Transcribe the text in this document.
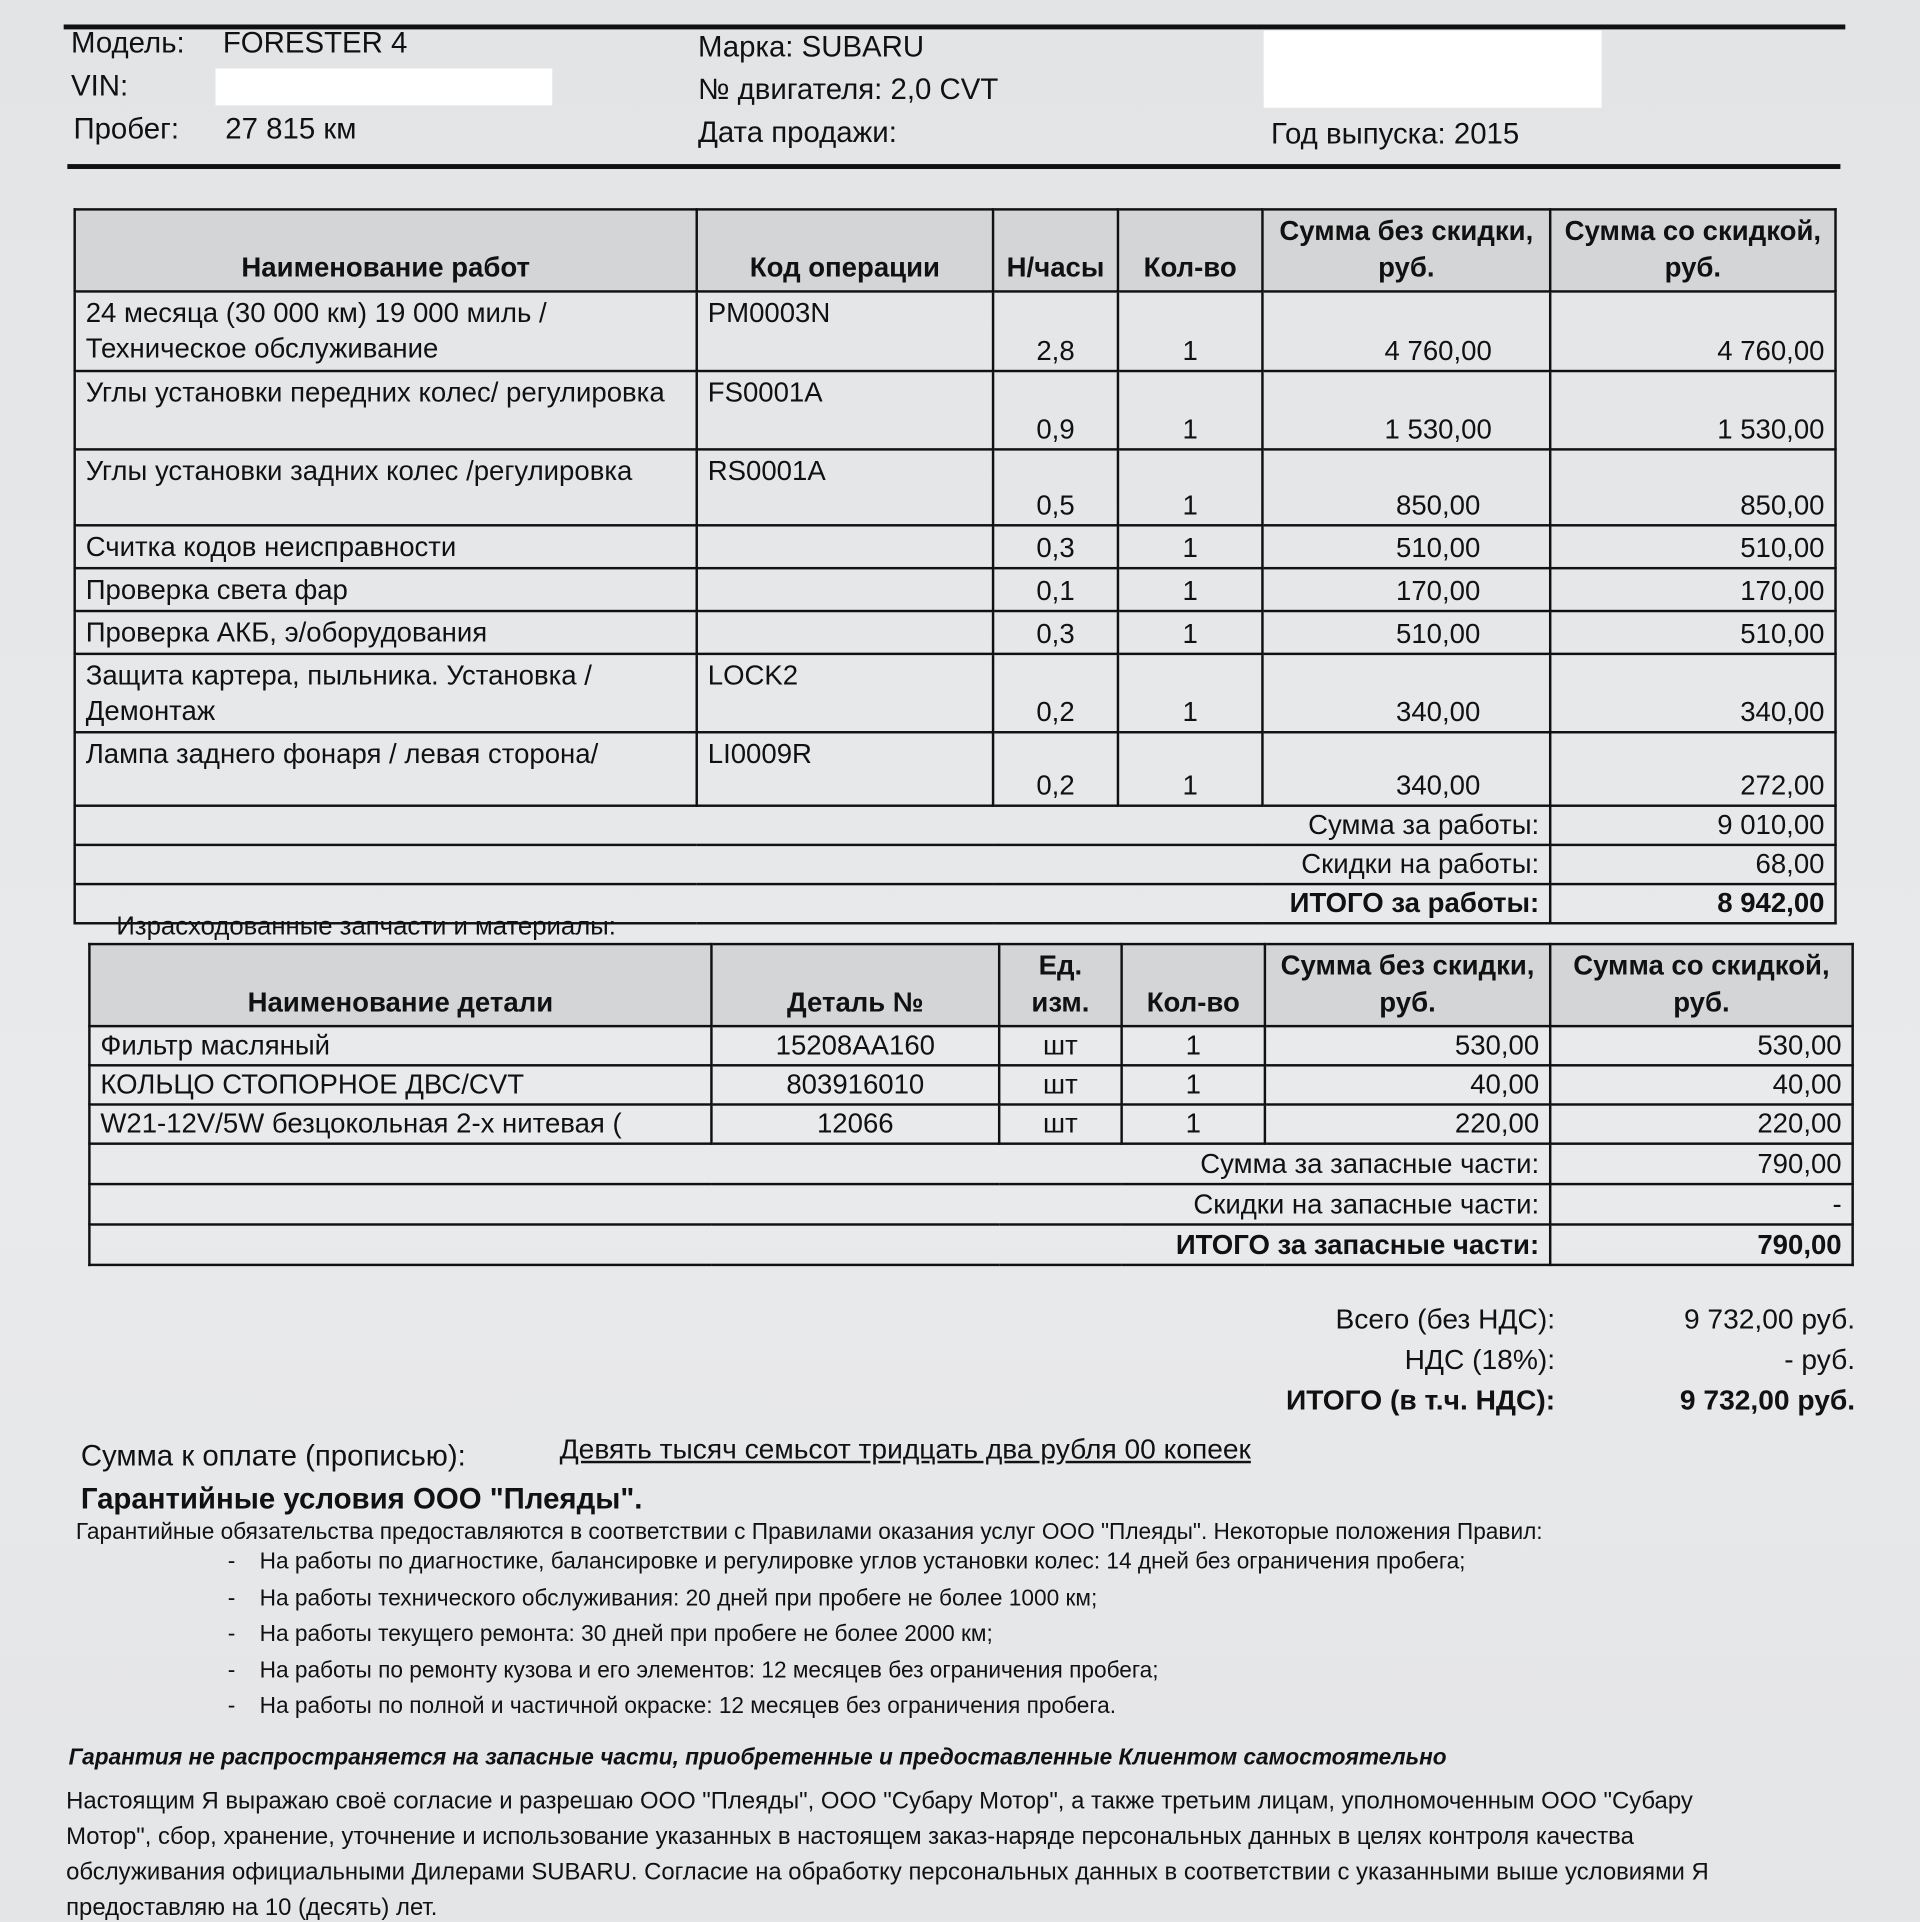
Модель: FORESTER 4
VIN:
Пробег: 27 815 км
Марка: SUBARU
№ двигателя: 2,0 CVT
Дата продажи:	Год выпуска: 2015
Наименование работ	Код операции	Н/часы	Кол-во	Сумма без скидки, руб.	Сумма со скидкой, руб.
24 месяца (30 000 км) 19 000 миль / Техническое обслуживание	PM0003N	2,8	1	4 760,00	4 760,00
Углы установки передних колес/ регулировка	FS0001A	0,9	1	1 530,00	1 530,00
Углы установки задних колес /регулировка	RS0001A	0,5	1	850,00	850,00
Считка кодов неисправности		0,3	1	510,00	510,00
Проверка света фар		0,1	1	170,00	170,00
Проверка АКБ, э/оборудования		0,3	1	510,00	510,00
Защита картера, пыльника. Установка / Демонтаж	LOCK2	0,2	1	340,00	340,00
Лампа заднего фонаря / левая сторона/	LI0009R	0,2	1	340,00	272,00
Сумма за работы:					9 010,00
Скидки на работы:					68,00
ИТОГО за работы:					8 942,00
Израсходованные запчасти и материалы:
Наименование детали	Деталь №	Ед. изм.	Кол-во	Сумма без скидки, руб.	Сумма со скидкой, руб.
Фильтр масляный	15208AA160	шт	1	530,00	530,00
КОЛЬЦО СТОПОРНОЕ ДВС/CVT	803916010	шт	1	40,00	40,00
W21-12V/5W безцокольная 2-х нитевая (	12066	шт	1	220,00	220,00
Сумма за запасные части:					790,00
Скидки на запасные части:					-
ИТОГО за запасные части:					790,00
Всего (без НДС):	9 732,00 руб.
НДС (18%):	- руб.
ИТОГО (в т.ч. НДС):	9 732,00 руб.
Сумма к оплате (прописью):	Девять тысяч семьсот тридцать два рубля 00 копеек
Гарантийные условия ООО "Плеяды".
Гарантийные обязательства предоставляются в соответствии с Правилами оказания услуг ООО "Плеяды". Некоторые положения Правил:
- На работы по диагностике, балансировке и регулировке углов установки колес: 14 дней без ограничения пробега;
- На работы технического обслуживания: 20 дней при пробеге не более 1000 км;
- На работы текущего ремонта: 30 дней при пробеге не более 2000 км;
- На работы по ремонту кузова и его элементов: 12 месяцев без ограничения пробега;
- На работы по полной и частичной окраске: 12 месяцев без ограничения пробега.
Гарантия не распространяется на запасные части, приобретенные и предоставленные Клиентом самостоятельно
Настоящим Я выражаю своё согласие и разрешаю ООО "Плеяды", ООО "Субару Мотор", а также третьим лицам, уполномоченным ООО "Субару
Мотор", сбор, хранение, уточнение и использование указанных в настоящем заказ-наряде персональных данных в целях контроля качества
обслуживания официальными Дилерами SUBARU. Согласие на обработку персональных данных в соответствии с указанными выше условиями Я
предоставляю на 10 (десять) лет.
